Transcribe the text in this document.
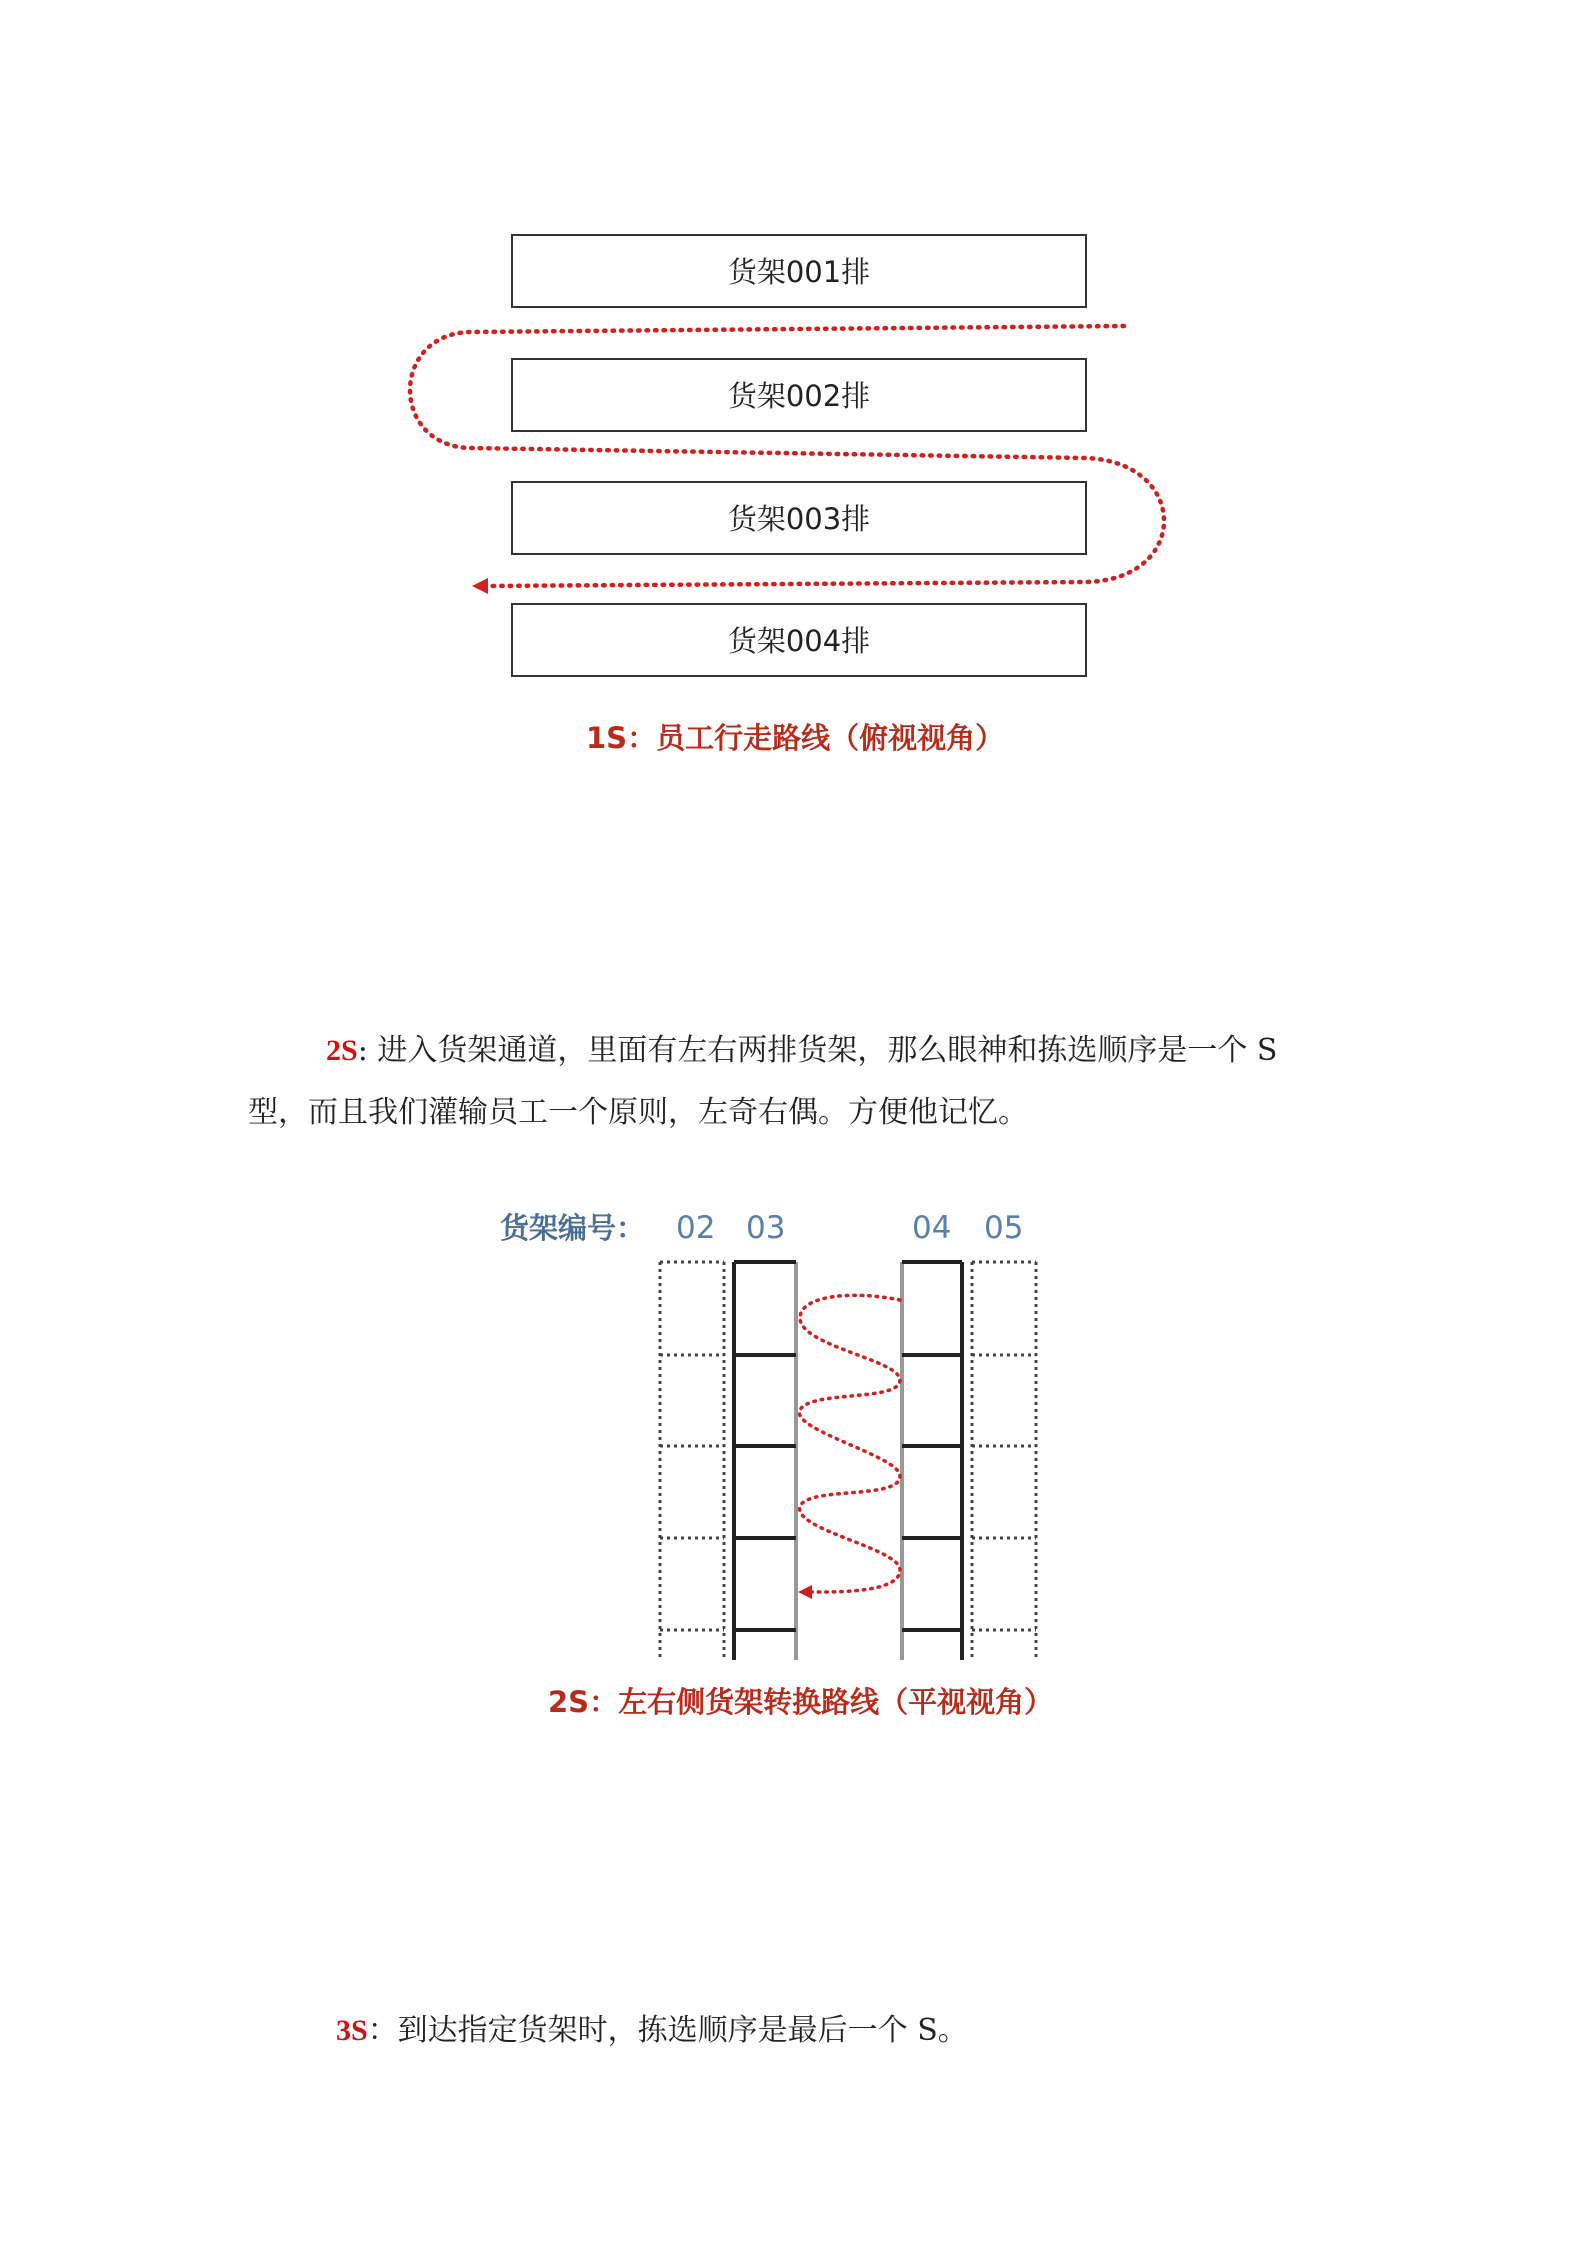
货架001排
货架002排
货架003排
货架004排
1S：员工行走路线（俯视视角）
2S: 进入货架通道，里面有左右两排货架，那么眼神和拣选顺序是一个 S
型，而且我们灌输员工一个原则，左奇右偶。方便他记忆。
货架编号： 02 03	04 05
2S：左右侧货架转换路线（平视视角）
3S：到达指定货架时，拣选顺序是最后一个 S。
